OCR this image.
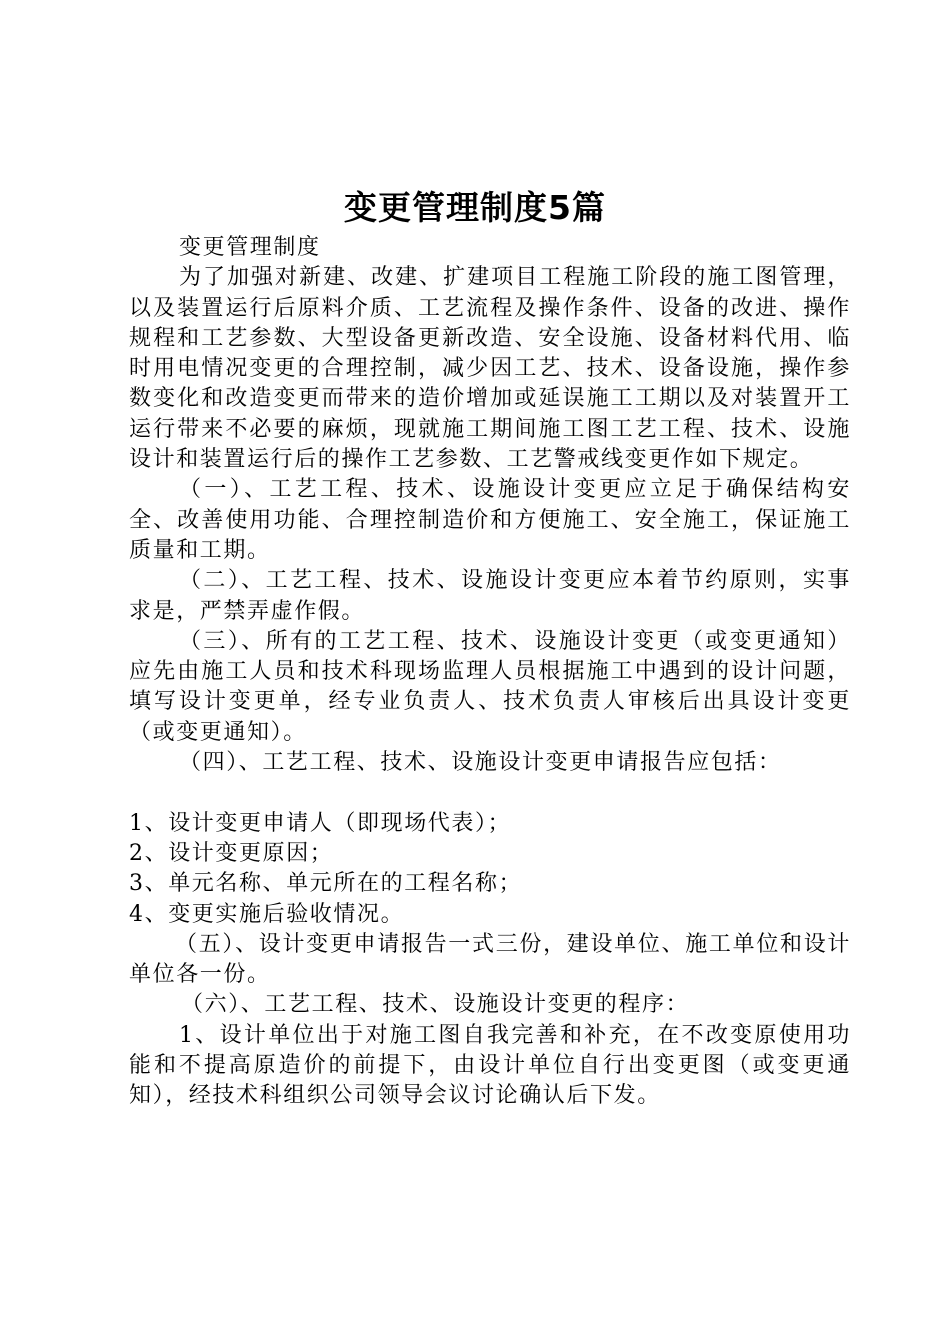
变更管理制度5篇

变更管理制度

为了加强对新建、改建、扩建项目工程施工阶段的施工图管理，以及装置运行后原料介质、工艺流程及操作条件、设备的改进、操作规程和工艺参数、大型设备更新改造、安全设施、设备材料代用、临时用电情况变更的合理控制，减少因工艺、技术、设备设施，操作参数变化和改造变更而带来的造价增加或延误施工工期以及对装置开工运行带来不必要的麻烦，现就施工期间施工图工艺工程、技术、设施设计和装置运行后的操作工艺参数、工艺警戒线变更作如下规定。

（一）、工艺工程、技术、设施设计变更应立足于确保结构安全、改善使用功能、合理控制造价和方便施工、安全施工，保证施工质量和工期。

（二）、工艺工程、技术、设施设计变更应本着节约原则，实事求是，严禁弄虚作假。

（三）、所有的工艺工程、技术、设施设计变更（或变更通知）应先由施工人员和技术科现场监理人员根据施工中遇到的设计问题，填写设计变更单，经专业负责人、技术负责人审核后出具设计变更（或变更通知）。

（四）、工艺工程、技术、设施设计变更申请报告应包括：

1、设计变更申请人（即现场代表）；

2、设计变更原因；

3、单元名称、单元所在的工程名称；

4、变更实施后验收情况。

（五）、设计变更申请报告一式三份，建设单位、施工单位和设计单位各一份。

（六）、工艺工程、技术、设施设计变更的程序：

1、设计单位出于对施工图自我完善和补充，在不改变原使用功能和不提高原造价的前提下，由设计单位自行出变更图（或变更通知），经技术科组织公司领导会议讨论确认后下发。
